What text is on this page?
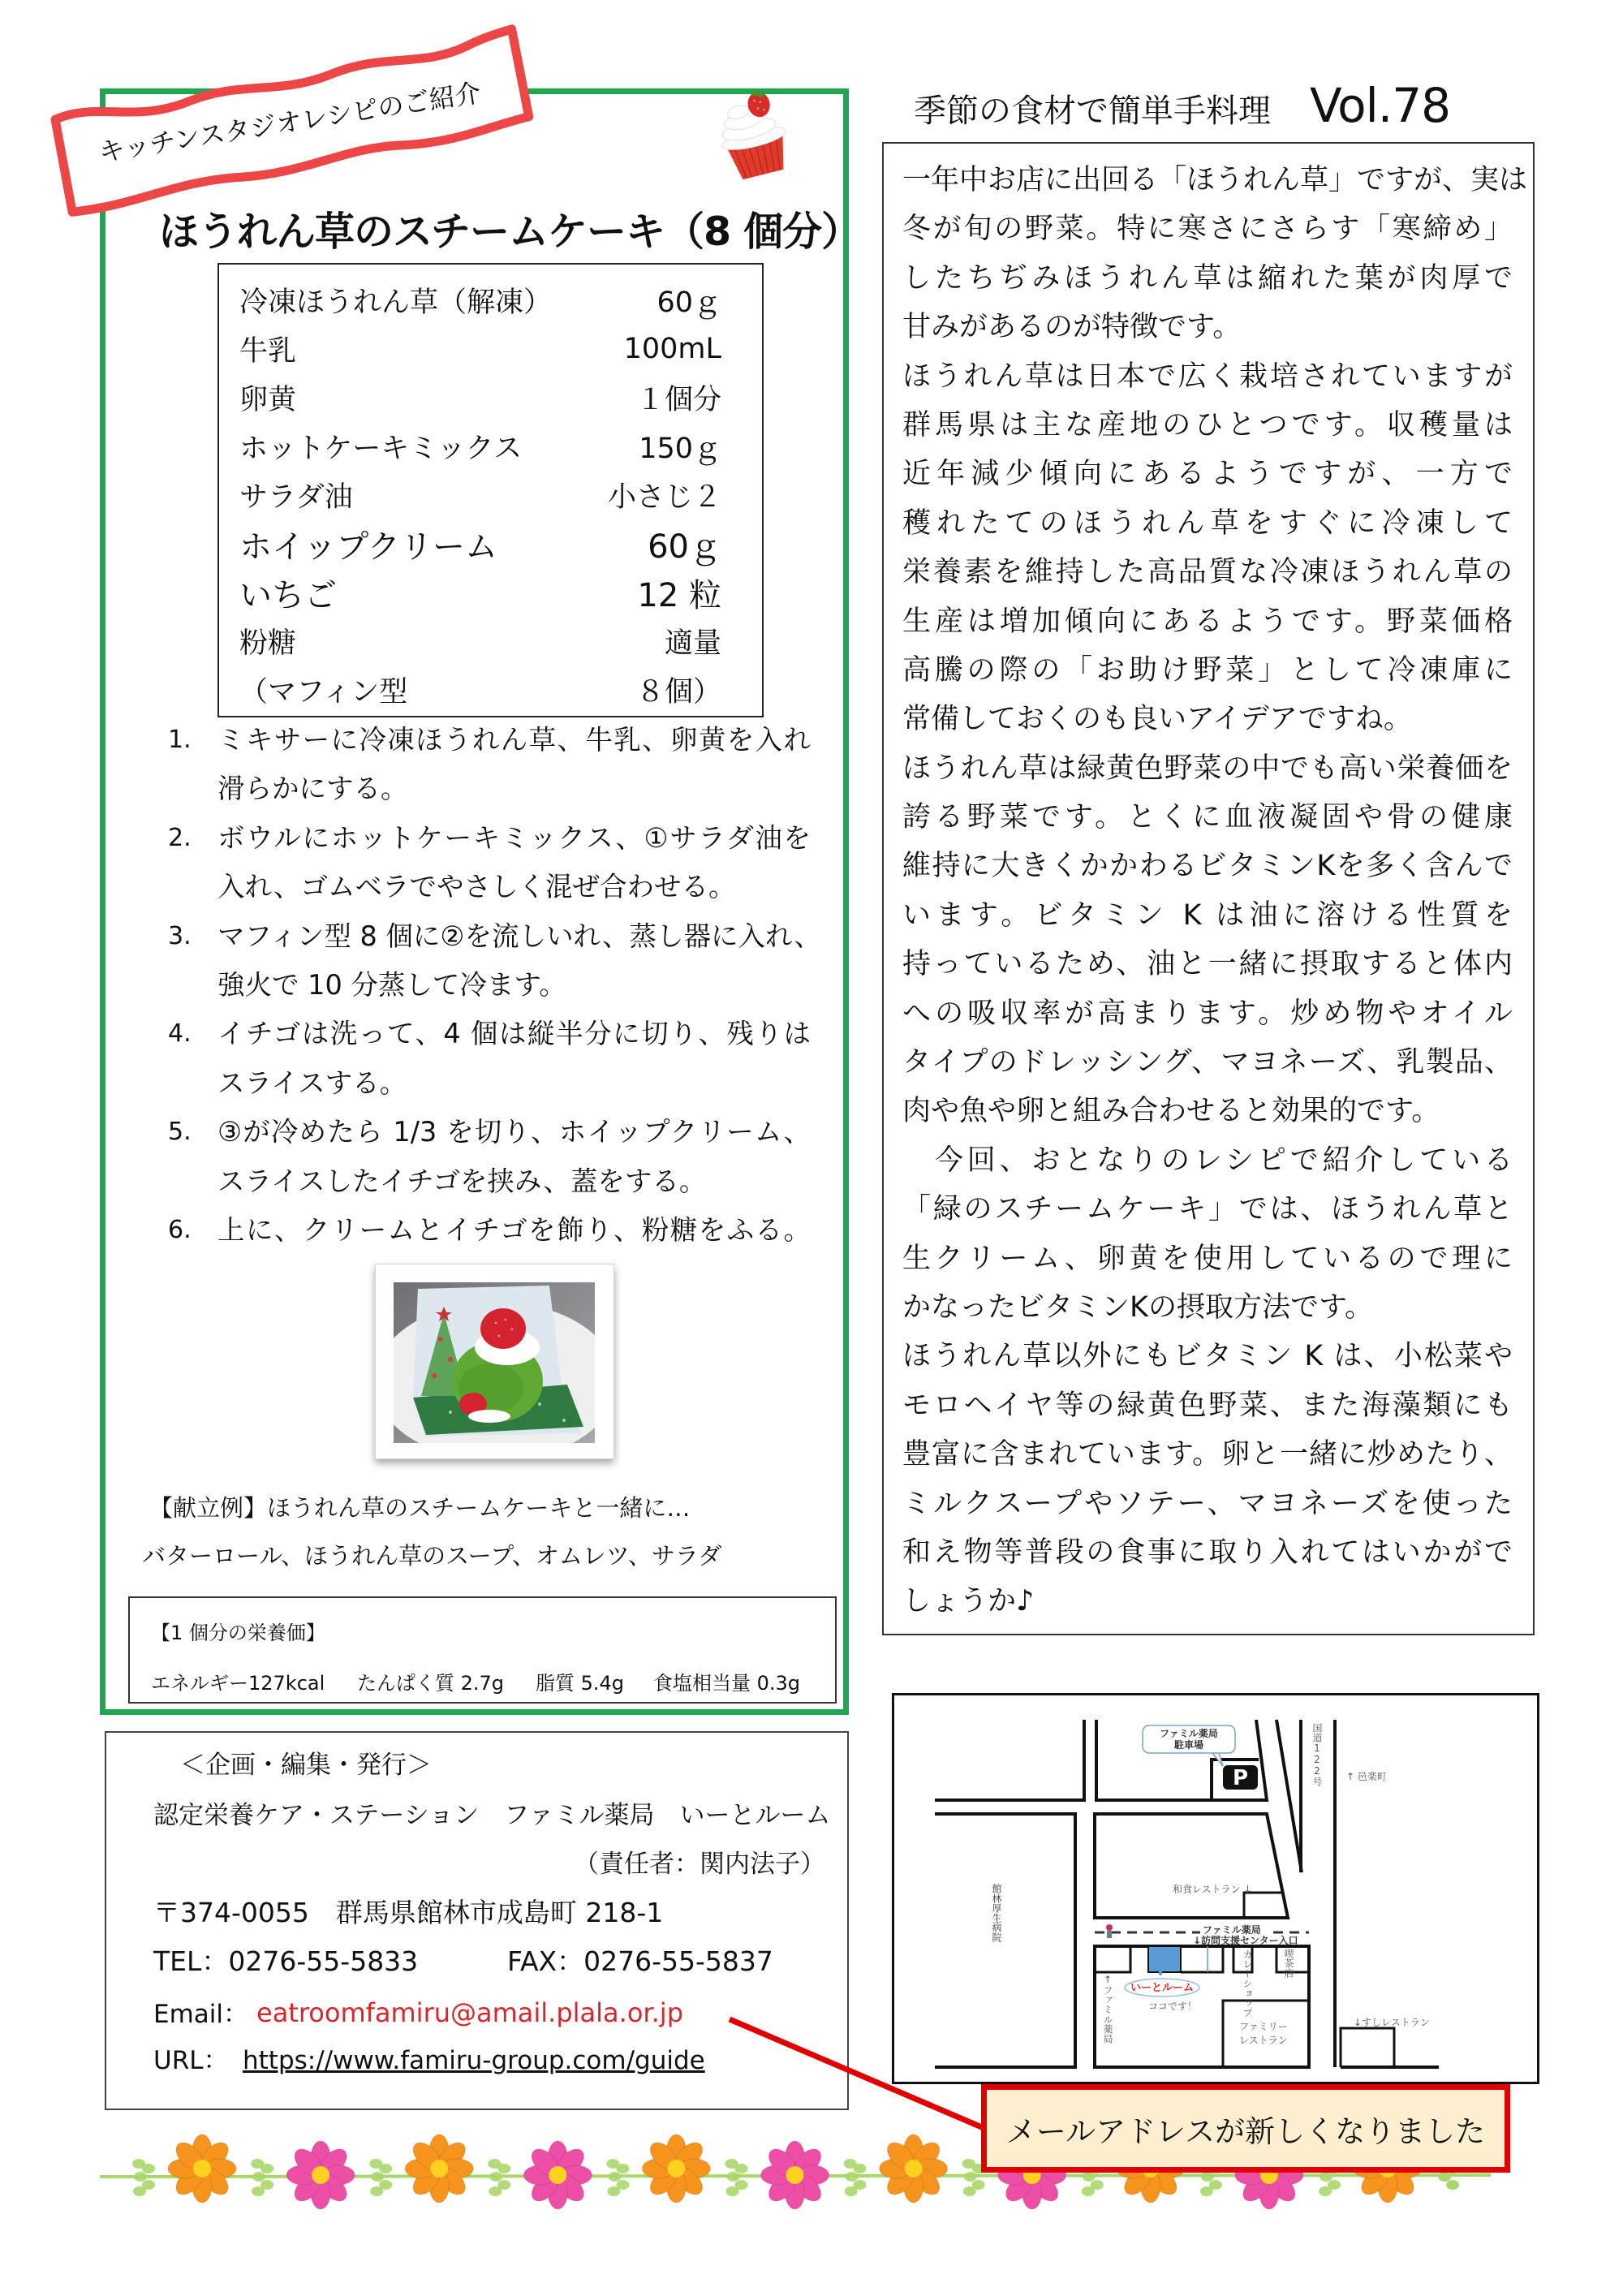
キッチンスタジオレシピのご紹介
ほうれん草のスチームケーキ（8 個分）
冷凍ほうれん草（解凍）	60ｇ
牛乳	100mL
卵黄	１個分
ホットケーキミックス	150ｇ
サラダ油	小さじ２
ホイップクリーム	60ｇ
いちご	12 粒
粉糖	適量
（マフィン型	８個）
1. ミキサーに冷凍ほうれん草、牛乳、卵黄を入れ
滑らかにする。
2. ボウルにホットケーキミックス、①サラダ油を
入れ、ゴムベラでやさしく混ぜ合わせる。
3. マフィン型 8 個に②を流しいれ、蒸し器に入れ、
強火で 10 分蒸して冷ます。
4. イチゴは洗って、4 個は縦半分に切り、残りは
スライスする。
5. ③が冷めたら 1/3 を切り、ホイップクリーム、
スライスしたイチゴを挟み、蓋をする。
6. 上に、クリームとイチゴを飾り、粉糖をふる。
【献立例】ほうれん草のスチームケーキと一緒に…
バターロール、ほうれん草のスープ、オムレツ、サラダ
【1 個分の栄養価】
エネルギー127kcal たんぱく質 2.7g 脂質 5.4g 食塩相当量 0.3g
＜企画・編集・発行＞
認定栄養ケア・ステーション　ファミル薬局　いーとルーム
（責任者：関内法子）
〒374-0055　群馬県館林市成島町 218-1
TEL：0276-55-5833	FAX：0276-55-5837
Email： eatroomfamiru@amail.plala.or.jp
URL： https://www.famiru-group.com/guide
季節の食材で簡単手料理 Vol.78
一年中お店に出回る「ほうれん草」ですが、実は
冬が旬の野菜。特に寒さにさらす「寒締め」
したちぢみほうれん草は縮れた葉が肉厚で
甘みがあるのが特徴です。
ほうれん草は日本で広く栽培されていますが
群馬県は主な産地のひとつです。収穫量は
近年減少傾向にあるようですが、一方で
穫れたてのほうれん草をすぐに冷凍して
栄養素を維持した高品質な冷凍ほうれん草の
生産は増加傾向にあるようです。野菜価格
高騰の際の「お助け野菜」として冷凍庫に
常備しておくのも良いアイデアですね。
ほうれん草は緑黄色野菜の中でも高い栄養価を
誇る野菜です。とくに血液凝固や骨の健康
維持に大きくかかわるビタミンKを多く含んで
います。ビタミン K は油に溶ける性質を
持っているため、油と一緒に摂取すると体内
への吸収率が高まります。炒め物やオイル
タイプのドレッシング、マヨネーズ、乳製品、
肉や魚や卵と組み合わせると効果的です。
　今回、おとなりのレシピで紹介している
「緑のスチームケーキ」では、ほうれん草と
生クリーム、卵黄を使用しているので理に
かなったビタミンKの摂取方法です。
ほうれん草以外にもビタミン K は、小松菜や
モロヘイヤ等の緑黄色野菜、また海藻類にも
豊富に含まれています。卵と一緒に炒めたり、
ミルクスープやソテー、マヨネーズを使った
和え物等普段の食事に取り入れてはいかがで
しょうか♪
ファミル薬局
駐車場
P	国道122号 ↑ 邑楽町
館林厚生病院	和食レストラン ↓
ファミル薬局
↓訪問支援センター入口
↑ファミル薬局 いーとルーム
ココです！	カレーショップ	喫茶店
ファミリー
レストラン
↓すしレストラン
メールアドレスが新しくなりました
